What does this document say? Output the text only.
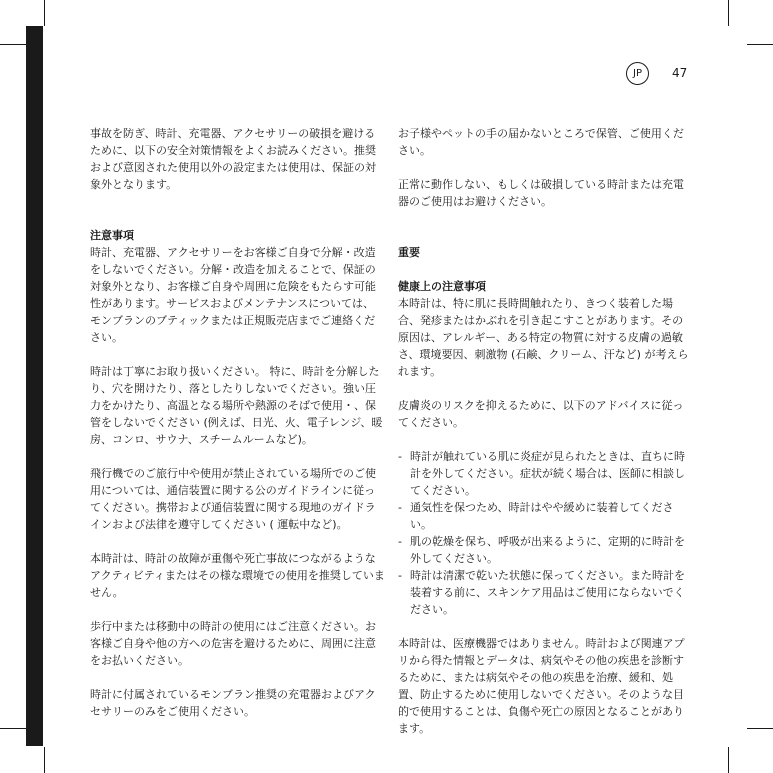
JP	47

事故を防ぎ、時計、充電器、アクセサリーの破損を避けるために、以下の安全対策情報をよくお読みください。推奨および意図された使用以外の設定または使用は、保証の対象外となります。

注意事項

時計、充電器、アクセサリーをお客様ご自身で分解・改造をしないでください。分解・改造を加えることで、保証の対象外となり、お客様ご自身や周囲に危険をもたらす可能性があります。サービスおよびメンテナンスについては、モンブランのブティックまたは正規販売店までご連絡ください。

時計は丁寧にお取り扱いください。 特に、時計を分解したり、穴を開けたり、落としたりしないでください。強い圧力をかけたり、高温となる場所や熱源のそばで使用・、保管をしないでください (例えば、日光、火、電子レンジ、暖房、コンロ、サウナ、スチームルームなど)。

飛行機でのご旅行中や使用が禁止されている場所でのご使用については、通信装置に関する公のガイドラインに従ってください。携帯および通信装置に関する現地のガイドラインおよび法律を遵守してください ( 運転中など)。

本時計は、時計の故障が重傷や死亡事故につながるようなアクティビティまたはその様な環境での使用を推奨していません。

歩行中または移動中の時計の使用にはご注意ください。お客様ご自身や他の方への危害を避けるために、周囲に注意をお払いください。

時計に付属されているモンブラン推奨の充電器およびアクセサリーのみをご使用ください。

お子様やペットの手の届かないところで保管、ご使用ください。

正常に動作しない、もしくは破損している時計または充電器のご使用はお避けください。

重要

健康上の注意事項

本時計は、特に肌に長時間触れたり、きつく装着した場合、発疹またはかぶれを引き起こすことがあります。その原因は、アレルギー、ある特定の物質に対する皮膚の過敏さ、環境要因、刺激物 (石鹸、クリーム、汗など) が考えられます。

皮膚炎のリスクを抑えるために、以下のアドバイスに従ってください。

- 時計が触れている肌に炎症が見られたときは、直ちに時計を外してください。症状が続く場合は、医師に相談してください。
- 通気性を保つため、時計はやや緩めに装着してください。
- 肌の乾燥を保ち、呼吸が出来るように、定期的に時計を外してください。
- 時計は清潔で乾いた状態に保ってください。また時計を装着する前に、スキンケア用品はご使用にならないでください。

本時計は、医療機器ではありません。時計および関連アプリから得た情報とデータは、病気やその他の疾患を診断するために、または病気やその他の疾患を治療、緩和、処置、防止するために使用しないでください。そのような目的で使用することは、負傷や死亡の原因となることがあります。
